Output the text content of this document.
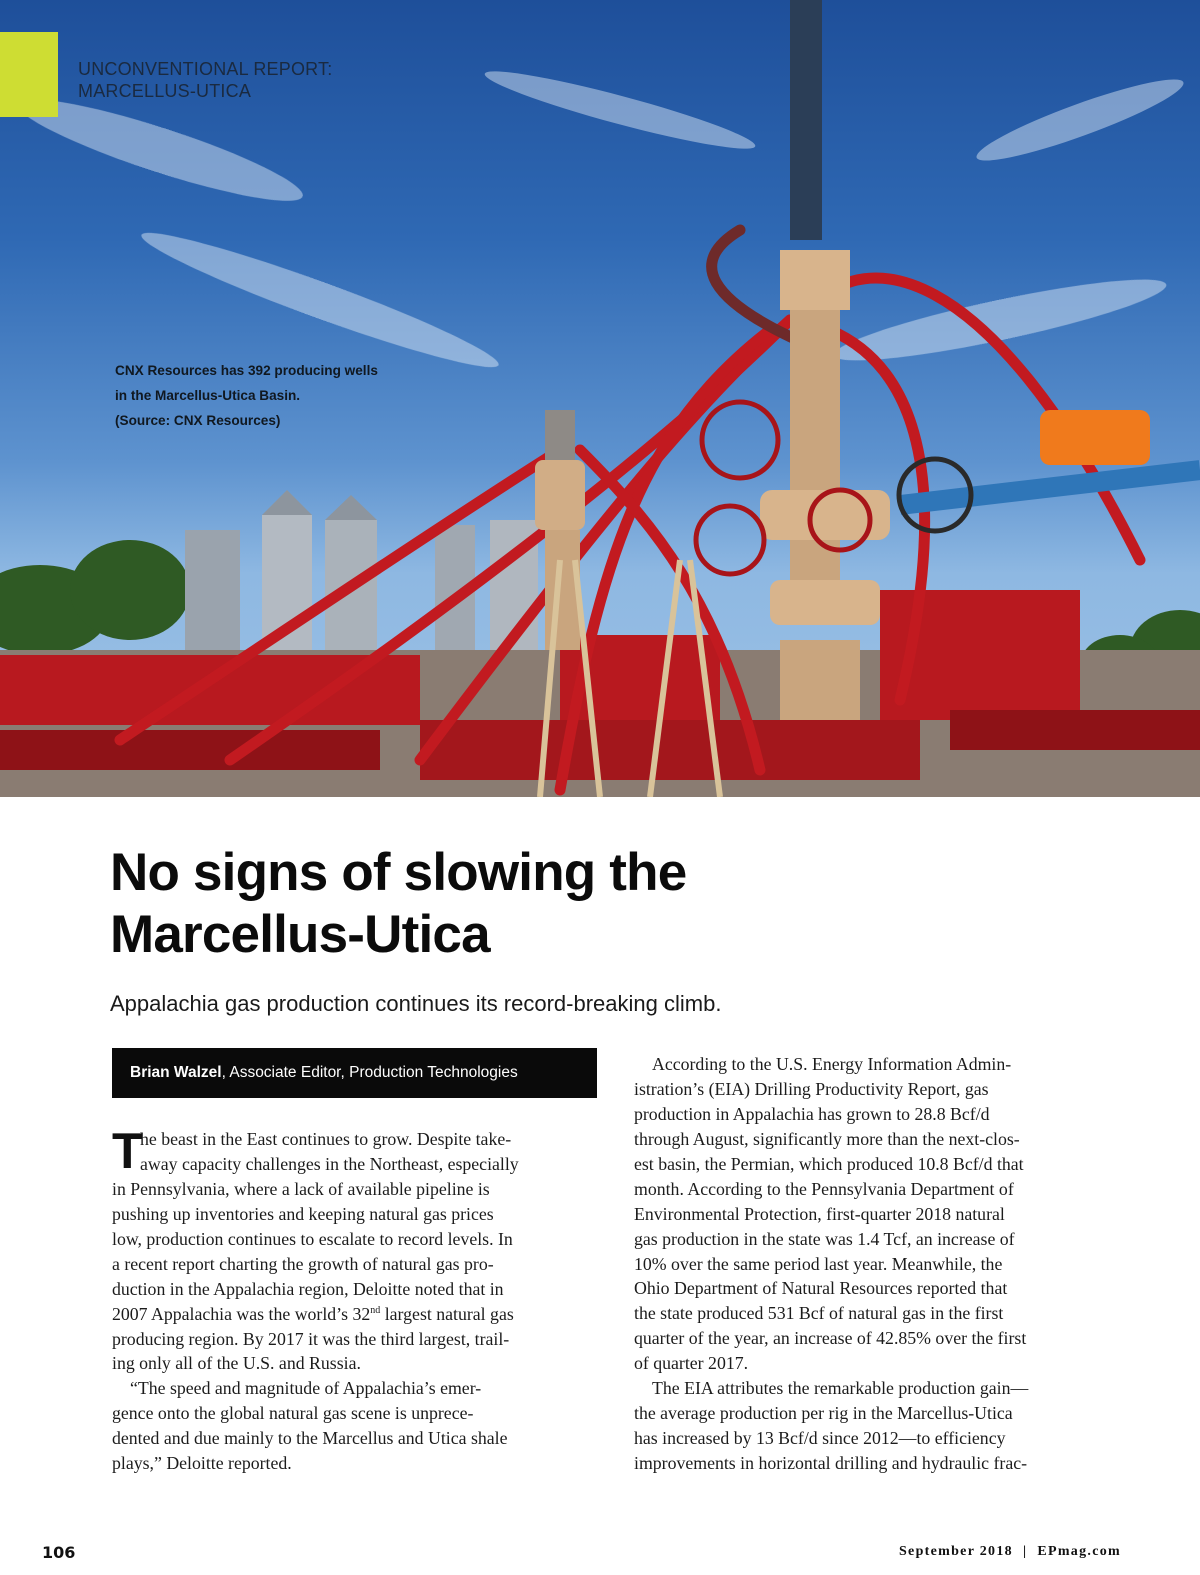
UNCONVENTIONAL REPORT:
MARCELLUS-UTICA
CNX Resources has 392 producing wells
in the Marcellus-Utica Basin.
(Source: CNX Resources)
No signs of slowing the
Marcellus-Utica
Appalachia gas production continues its record-breaking climb.
Brian Walzel, Associate Editor, Production Technologies
T
he beast in the East continues to grow. Despite take-
away capacity challenges in the Northeast, especially
in Pennsylvania, where a lack of available pipeline is
pushing up inventories and keeping natural gas prices
low, production continues to escalate to record levels. In
a recent report charting the growth of natural gas pro-
duction in the Appalachia region, Deloitte noted that in
2007 Appalachia was the world’s 32nd largest natural gas
producing region. By 2017 it was the third largest, trail-
ing only all of the U.S. and Russia.
“The speed and magnitude of Appalachia’s emer-
gence onto the global natural gas scene is unprece-
dented and due mainly to the Marcellus and Utica shale
plays,” Deloitte reported.
According to the U.S. Energy Information Admin-
istration’s (EIA) Drilling Productivity Report, gas
production in Appalachia has grown to 28.8 Bcf/d
through August, significantly more than the next-clos-
est basin, the Permian, which produced 10.8 Bcf/d that
month. According to the Pennsylvania Department of
Environmental Protection, first-quarter 2018 natural
gas production in the state was 1.4 Tcf, an increase of
10% over the same period last year. Meanwhile, the
Ohio Department of Natural Resources reported that
the state produced 531 Bcf of natural gas in the first
quarter of the year, an increase of 42.85% over the first
of quarter 2017.
The EIA attributes the remarkable production gain—
the average production per rig in the Marcellus-Utica
has increased by 13 Bcf/d since 2012—to efficiency
improvements in horizontal drilling and hydraulic frac-
106	September 2018 | EPmag.com
